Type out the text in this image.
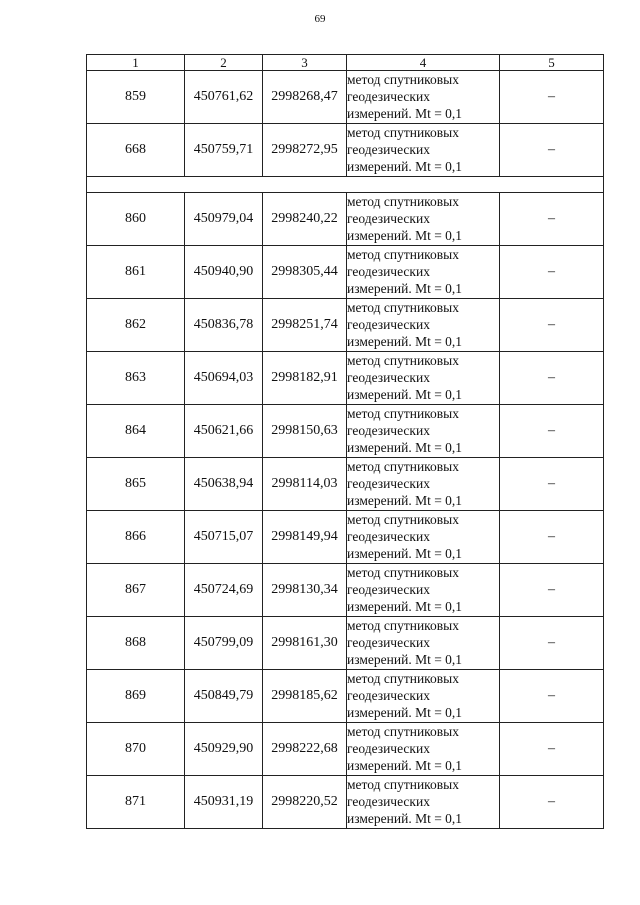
69
1	2	3	4	5
859	450761,62	2998268,47	метод спутниковых
геодезических
измерений. Mt = 0,1	–
668	450759,71	2998272,95	метод спутниковых
геодезических
измерений. Mt = 0,1	–

860	450979,04	2998240,22	метод спутниковых
геодезических
измерений. Mt = 0,1	–
861	450940,90	2998305,44	метод спутниковых
геодезических
измерений. Mt = 0,1	–
862	450836,78	2998251,74	метод спутниковых
геодезических
измерений. Mt = 0,1	–
863	450694,03	2998182,91	метод спутниковых
геодезических
измерений. Mt = 0,1	–
864	450621,66	2998150,63	метод спутниковых
геодезических
измерений. Mt = 0,1	–
865	450638,94	2998114,03	метод спутниковых
геодезических
измерений. Mt = 0,1	–
866	450715,07	2998149,94	метод спутниковых
геодезических
измерений. Mt = 0,1	–
867	450724,69	2998130,34	метод спутниковых
геодезических
измерений. Mt = 0,1	–
868	450799,09	2998161,30	метод спутниковых
геодезических
измерений. Mt = 0,1	–
869	450849,79	2998185,62	метод спутниковых
геодезических
измерений. Mt = 0,1	–
870	450929,90	2998222,68	метод спутниковых
геодезических
измерений. Mt = 0,1	–
871	450931,19	2998220,52	метод спутниковых
геодезических
измерений. Mt = 0,1	–
